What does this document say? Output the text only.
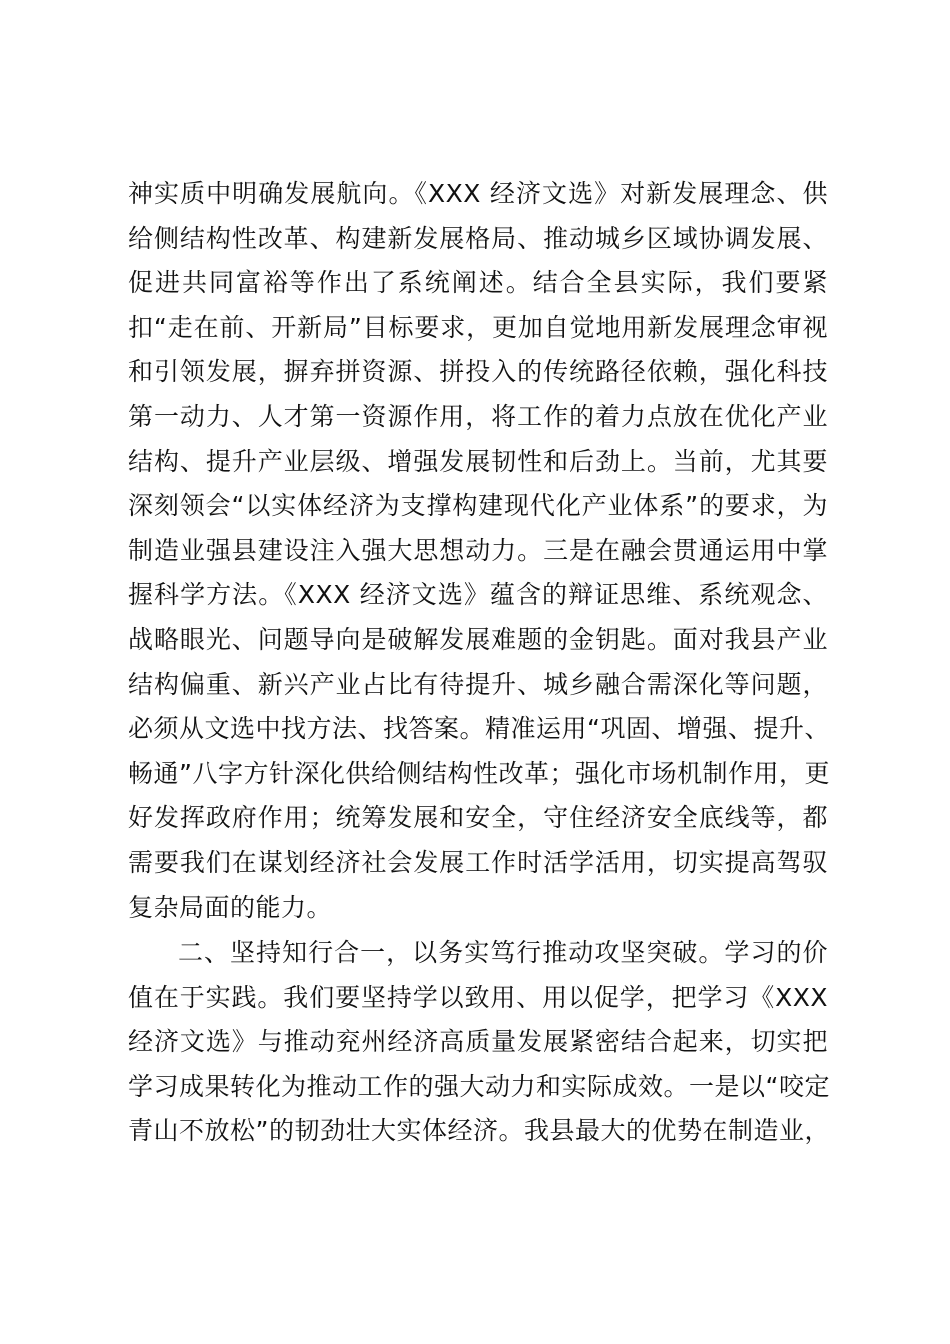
神实质中明确发展航向。《XXX 经济文选》对新发展理念、供
给侧结构性改革、构建新发展格局、推动城乡区域协调发展、
促进共同富裕等作出了系统阐述。结合全县实际，我们要紧
扣“走在前、开新局”目标要求，更加自觉地用新发展理念审视
和引领发展，摒弃拼资源、拼投入的传统路径依赖，强化科技
第一动力、人才第一资源作用，将工作的着力点放在优化产业
结构、提升产业层级、增强发展韧性和后劲上。当前，尤其要
深刻领会“以实体经济为支撑构建现代化产业体系”的要求，为
制造业强县建设注入强大思想动力。三是在融会贯通运用中掌
握科学方法。《XXX 经济文选》蕴含的辩证思维、系统观念、
战略眼光、问题导向是破解发展难题的金钥匙。面对我县产业
结构偏重、新兴产业占比有待提升、城乡融合需深化等问题，
必须从文选中找方法、找答案。精准运用“巩固、增强、提升、
畅通”八字方针深化供给侧结构性改革；强化市场机制作用，更
好发挥政府作用；统筹发展和安全，守住经济安全底线等，都
需要我们在谋划经济社会发展工作时活学活用，切实提高驾驭
复杂局面的能力。
二、坚持知行合一，以务实笃行推动攻坚突破。学习的价
值在于实践。我们要坚持学以致用、用以促学，把学习《XXX
经济文选》与推动兖州经济高质量发展紧密结合起来，切实把
学习成果转化为推动工作的强大动力和实际成效。一是以“咬定
青山不放松”的韧劲壮大实体经济。我县最大的优势在制造业，
